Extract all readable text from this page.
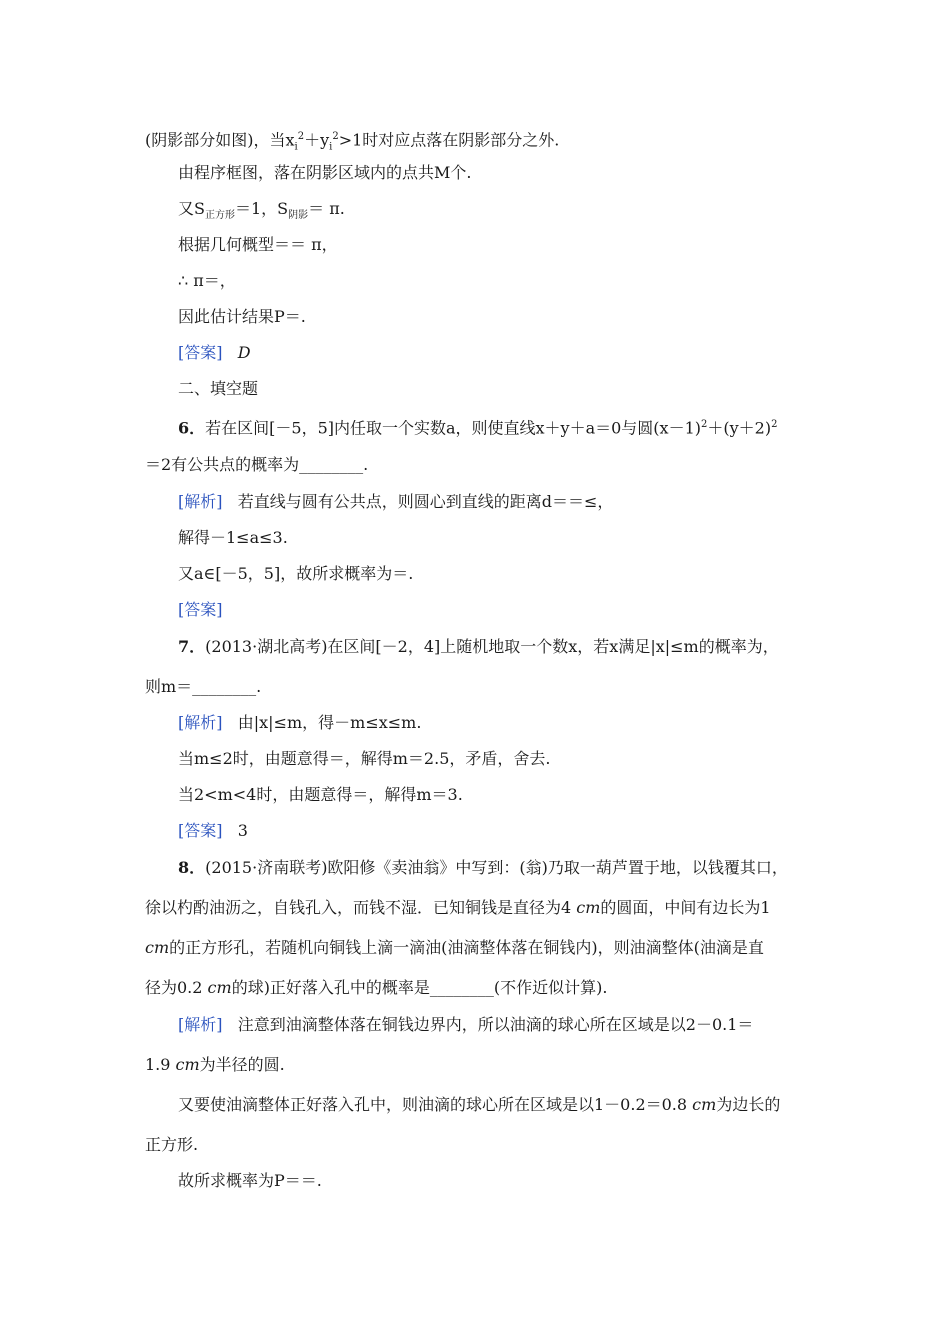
(阴影部分如图)，当$x_i^2+y_i^2>1$时对应点落在阴影部分之外.
由程序框图，落在阴影区域内的点共M个.
又$S_{正方形}=1$，$S_{阴影}= \pi$.
根据几何概型＝＝ π，
∴ π＝，
因此估计结果P＝.
[答案] D
二、填空题
6．若在区间[－5，5]内任取一个实数a，则使直线x＋y＋a＝0与圆$(x-1)^2+(y+2)^2$
＝2有公共点的概率为________.
[解析] 若直线与圆有公共点，则圆心到直线的距离d＝＝≤，
解得－1≤a≤3.
又a∈[－5，5]，故所求概率为＝.
[答案]
7．(2013·湖北高考)在区间[－2，4]上随机地取一个数x，若x满足|x|≤m的概率为，
则m＝________.
[解析] 由|x|≤m，得－m≤x≤m.
当m≤2时，由题意得＝，解得m＝2.5，矛盾，舍去.
当2<m<4时，由题意得＝，解得m＝3.
[答案] 3
8．(2015·济南联考)欧阳修《卖油翁》中写到：(翁)乃取一葫芦置于地，以钱覆其口，
徐以杓酌油沥之，自钱孔入，而钱不湿．已知铜钱是直径为4 cm的圆面，中间有边长为1
cm的正方形孔，若随机向铜钱上滴一滴油(油滴整体落在铜钱内)，则油滴整体(油滴是直
径为0.2 cm的球)正好落入孔中的概率是________(不作近似计算).
[解析] 注意到油滴整体落在铜钱边界内，所以油滴的球心所在区域是以2－0.1＝
1.9 cm为半径的圆.
又要使油滴整体正好落入孔中，则油滴的球心所在区域是以1－0.2＝0.8 cm为边长的
正方形.
故所求概率为P＝＝.
